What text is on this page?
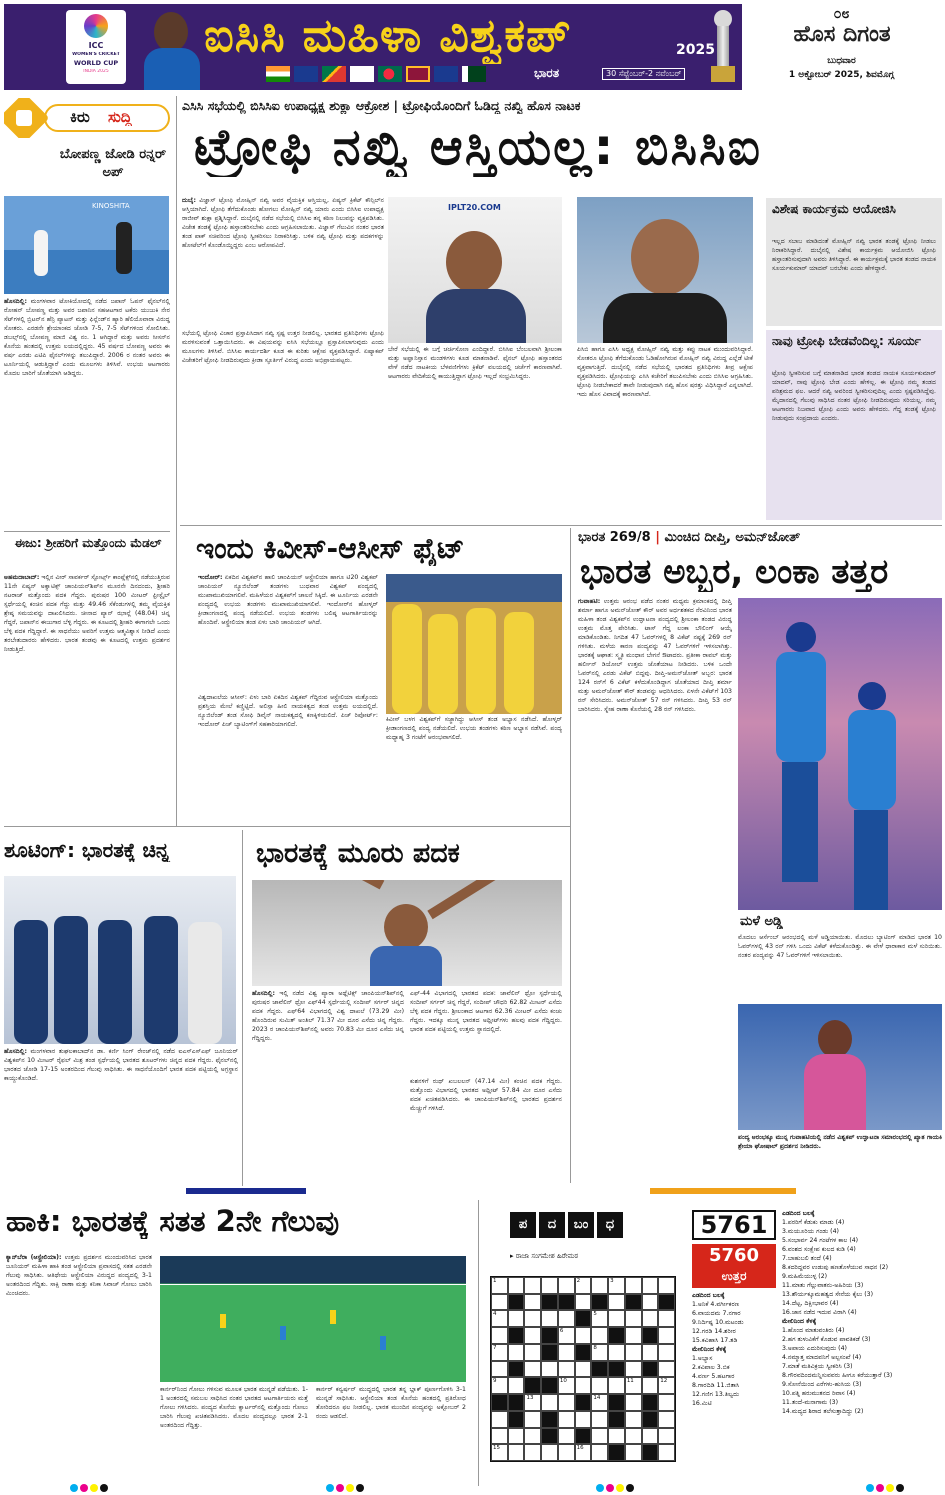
ICC
WOMEN'S CRICKET
WORLD CUP
INDIA 2025
ಐಸಿಸಿ ಮಹಿಳಾ ವಿಶ್ವಕಪ್	2025
ಭಾರತ	30 ಸೆಪ್ಟೆಂಬರ್-2 ನವೆಂಬರ್
೦೮
ಹೊಸ ದಿಗಂತ
ಬುಧವಾರ
1 ಅಕ್ಟೋಬರ್ 2025, ಶಿವಮೊಗ್ಗ
ಕಿರು ಸುದ್ದಿ
ಬೋಪಣ್ಣ ಜೋಡಿ ರನ್ನರ್ ಅಪ್
KINOSHITA
ಹೊಸದಿಲ್ಲಿ: ಮಂಗಳವಾರ ಟೋಕಿಯೋದಲ್ಲಿ ನಡೆದ ಜಪಾನ್ ಓಪನ್ ಫೈನಲ್‌ನಲ್ಲಿ ರೋಹನ್ ಬೋಪಣ್ಣ ಮತ್ತು ಅವರ ಜಪಾನಿನ ಸಹಆಟಗಾರ ಟಕೆರು ಯುಜುಕಿ ನೇರ ಸೆಟ್‌ಗಳಲ್ಲಿ ಬ್ರಿಟನ್‌ನ ಹೆನ್ರಿ ಪ್ಯಾಟನ್ ಮತ್ತು ಫಿನ್ಲೆಂಡ್‌ನ ಹ್ಯಾರಿ ಹೆಲಿಯೊವಾರಾ ವಿರುದ್ಧ ಸೋತರು. ಎರಡನೇ ಶ್ರೇಯಾಂಕದ ಜೋಡಿ 7-5, 7-5 ಸೆಟ್‌ಗಳಿಂದ ಸೋಲಿಸಿತು. ಡಬಲ್ಸ್‌ನಲ್ಲಿ ಬೋಪಣ್ಣ ಮಾಜಿ ವಿಶ್ವ ನಂ. 1 ಆಗಿದ್ದಾರೆ ಮತ್ತು ಅವರು ಸೀಸನ್‌ನ ಕೊನೆಯ ಹಂತದಲ್ಲಿ ಉತ್ತಮ ಲಯದಲ್ಲಿದ್ದರು. 45 ವರ್ಷದ ಬೋಪಣ್ಣ ಅವರು ಈ ವರ್ಷ ಎರಡು ಎಟಿಪಿ ಫೈನಲ್‌ಗಳನ್ನು ತಲುಪಿದ್ದಾರೆ. 2006 ರ ನಂತರ ಅವರು ಈ ಟೂರ್ನಿಯಲ್ಲಿ ಆಡುತ್ತಿದ್ದಾರೆ ಎಂದು ಮೂಲಗಳು ತಿಳಿಸಿವೆ. ಉಭಯ ಆಟಗಾರರು ಮೊದಲ ಬಾರಿಗೆ ಜೊತೆಯಾಗಿ ಆಡಿದ್ದರು.
ಈಜು: ಶ್ರೀಹರಿಗೆ ಮತ್ತೊಂದು ಮೆಡಲ್
ಅಹಮದಾಬಾದ್: ಇಲ್ಲಿನ ವೀರ್ ಸಾವರ್ಕರ್ ಸ್ಪೋರ್ಟ್ಸ್ ಕಾಂಪ್ಲೆಕ್ಸ್‌ನಲ್ಲಿ ನಡೆಯುತ್ತಿರುವ 11ನೇ ಏಷ್ಯನ್ ಅಕ್ವಾಟಿಕ್ಸ್ ಚಾಂಪಿಯನ್‌ಶಿಪ್‌ನ ಮೂರನೇ ದಿನದಂದು, ಶ್ರೀಹರಿ ನಟರಾಜ್ ಮತ್ತೊಂದು ಪದಕ ಗೆದ್ದರು. ಪುರುಷರ 100 ಮೀಟರ್ ಫ್ರೀಸ್ಟೈಲ್ ಸ್ಪರ್ಧೆಯಲ್ಲಿ ಕಂಚಿನ ಪದಕ ಗೆದ್ದು ಮತ್ತು 49.46 ಸೆಕೆಂಡುಗಳಲ್ಲಿ ತಮ್ಮ ವೈಯಕ್ತಿಕ ಶ್ರೇಷ್ಠ ಸಮಯವನ್ನು ದಾಖಲಿಸಿದರು. ಚೀನಾದ ಪ್ಯಾನ್ ಝಾನ್ಲೆ (48.04) ಚಿನ್ನ ಗೆದ್ದರೆ, ಜಪಾನ್‌ನ ಈಜುಗಾರ ಬೆಳ್ಳಿ ಗೆದ್ದರು. ಈ ಕೂಟದಲ್ಲಿ ಶ್ರೀಹರಿ ಈಗಾಗಲೇ ಒಂದು ಬೆಳ್ಳಿ ಪದಕ ಗೆದ್ದಿದ್ದಾರೆ. ಈ ಸಾಧನೆಯು ಅವರಿಗೆ ಉತ್ತಮ ಆತ್ಮವಿಶ್ವಾಸ ನೀಡಿದೆ ಎಂದು ತರಬೇತುದಾರರು ಹೇಳಿದರು. ಭಾರತ ತಂಡವು ಈ ಕೂಟದಲ್ಲಿ ಉತ್ತಮ ಪ್ರದರ್ಶನ ನೀಡುತ್ತಿದೆ.
ಎಸಿಸಿ ಸಭೆಯಲ್ಲಿ ಬಿಸಿಸಿಐ ಉಪಾಧ್ಯಕ್ಷ ಶುಕ್ಲಾ ಆಕ್ರೋಶ | ಟ್ರೋಫಿಯೊಂದಿಗೆ ಓಡಿದ್ದ ನಖ್ವಿ ಹೊಸ ನಾಟಕ
ಟ್ರೋಫಿ ನಖ್ವಿ ಆಸ್ತಿಯಲ್ಲ: ಬಿಸಿಸಿಐ
ದುಬೈ: ವಿಜ್ಞಾಸ್ ಟ್ರೋಫಿ ಮೋಹ್ಸಿನ್ ನಖ್ವಿ ಅವರ ವೈಯಕ್ತಿಕ ಆಸ್ತಿಯಲ್ಲ, ಏಷ್ಯನ್ ಕ್ರಿಕೆಟ್ ಕೌನ್ಸಿಲ್‌ನ ಆಸ್ತಿಯಾಗಿದೆ. ಟ್ರೋಫಿ ತೆಗೆದುಕೊಂಡು ಹೋಗಲು ಮೋಹ್ಸಿನ್ ನಖ್ವಿ ಯಾರು ಎಂದು ಬಿಸಿಸಿಐ ಉಪಾಧ್ಯಕ್ಷ ರಾಜೀವ್ ಶುಕ್ಲಾ ಪ್ರಶ್ನಿಸಿದ್ದಾರೆ. ದುಬೈನಲ್ಲಿ ನಡೆದ ಸಭೆಯಲ್ಲಿ ಬಿಸಿಸಿಐ ತನ್ನ ಕಠಿಣ ನಿಲುವನ್ನು ವ್ಯಕ್ತಪಡಿಸಿತು. ವಿಜೇತ ತಂಡಕ್ಕೆ ಟ್ರೋಫಿ ಹಸ್ತಾಂತರಿಸಬೇಕು ಎಂದು ಆಗ್ರಹಿಸಲಾಯಿತು. ವಿಜ್ಞಾಸ್ ಗೆಲುವಿನ ನಂತರ ಭಾರತ ತಂಡ ಪಾಕ್ ಸಚಿವರಿಂದ ಟ್ರೋಫಿ ಸ್ವೀಕರಿಸಲು ನಿರಾಕರಿಸಿತ್ತು. ಬಳಿಕ ನಖ್ವಿ ಟ್ರೋಫಿ ಮತ್ತು ಪದಕಗಳನ್ನು ಹೋಟೆಲ್‌ಗೆ ಕೊಂಡೊಯ್ದಿದ್ದರು ಎಂಬ ಆರೋಪವಿದೆ.
ಸಭೆಯಲ್ಲಿ ಟ್ರೋಫಿ ವಿಚಾರ ಪ್ರಸ್ತಾಪಿಸಿದಾಗ ನಖ್ವಿ ಸ್ಪಷ್ಟ ಉತ್ತರ ನೀಡಲಿಲ್ಲ. ಭಾರತದ ಪ್ರತಿನಿಧಿಗಳು ಟ್ರೋಫಿ ಮರಳಿಸುವಂತೆ ಒತ್ತಾಯಿಸಿದರು. ಈ ವಿಷಯವನ್ನು ಐಸಿಸಿ ಸಭೆಯಲ್ಲೂ ಪ್ರಸ್ತಾಪಿಸಲಾಗುವುದು ಎಂದು ಮೂಲಗಳು ತಿಳಿಸಿವೆ. ಬಿಸಿಸಿಐ ಕಾರ್ಯದರ್ಶಿ ಕೂಡ ಈ ಕುರಿತು ಆಕ್ಷೇಪ ವ್ಯಕ್ತಪಡಿಸಿದ್ದಾರೆ. ಏಷ್ಯಾಕಪ್ ವಿಜೇತರಿಗೆ ಟ್ರೋಫಿ ನೀಡದಿರುವುದು ಕ್ರೀಡಾ ಸ್ಫೂರ್ತಿಗೆ ವಿರುದ್ಧ ಎಂದು ಅಭಿಪ್ರಾಯಪಟ್ಟರು.
IPLT20.COM
ಬೇರೆ ಸಭೆಯಲ್ಲಿ ಈ ಬಗ್ಗೆ ಚರ್ಚಿಸೋಣ ಎಂದಿದ್ದಾರೆ. ಬಿಸಿಸಿಐ ಬೆಂಬಲವಾಗಿ ಶ್ರೀಲಂಕಾ ಮತ್ತು ಅಫ್ಘಾನಿಸ್ತಾನ ಮಂಡಳಿಗಳು ಕೂಡ ಮಾತನಾಡಿವೆ. ಫೈನಲ್ ಟ್ರೋಫಿ ಹಸ್ತಾಂತರದ ವೇಳೆ ನಡೆದ ನಾಟಕೀಯ ಬೆಳವಣಿಗೆಗಳು ಕ್ರಿಕೆಟ್ ವಲಯದಲ್ಲಿ ಚರ್ಚೆಗೆ ಕಾರಣವಾಗಿವೆ. ಆಟಗಾರರು ವೇದಿಕೆಯಲ್ಲಿ ಕಾಯುತ್ತಿದ್ದಾಗ ಟ್ರೋಫಿ ಇಲ್ಲದೆ ಸಂಭ್ರಮಿಸಿದ್ದರು.
ಪಿಸಿಬಿ ಹಾಗೂ ಎಸಿಸಿ ಅಧ್ಯಕ್ಷ ಮೋಹ್ಸಿನ್ ನಖ್ವಿ ಮತ್ತು ಕಪ್ಪು ನಾಟಕ ಮುಂದುವರಿಸಿದ್ದಾರೆ. ಸೋತರೂ ಟ್ರೋಫಿ ತೆಗೆದುಕೊಂಡು ಓಡಿಹೋಗಿರುವ ಮೋಹ್ಸಿನ್ ನಖ್ವಿ ವಿರುದ್ಧ ಎಲ್ಲೆಡೆ ಟೀಕೆ ವ್ಯಕ್ತವಾಗುತ್ತಿದೆ. ದುಬೈನಲ್ಲಿ ನಡೆದ ಸಭೆಯಲ್ಲಿ ಭಾರತದ ಪ್ರತಿನಿಧಿಗಳು ತೀವ್ರ ಆಕ್ಷೇಪ ವ್ಯಕ್ತಪಡಿಸಿದರು. ಟ್ರೋಫಿಯನ್ನು ಎಸಿಸಿ ಕಚೇರಿಗೆ ತಲುಪಿಸಬೇಕು ಎಂದು ಬಿಸಿಸಿಐ ಆಗ್ರಹಿಸಿತು. ಟ್ರೋಫಿ ನೀಡಬೇಕಾದರೆ ತಾವೇ ನೀಡುವುದಾಗಿ ನಖ್ವಿ ಹೊಸ ಷರತ್ತು ವಿಧಿಸಿದ್ದಾರೆ ಎನ್ನಲಾಗಿದೆ. ಇದು ಹೊಸ ವಿವಾದಕ್ಕೆ ಕಾರಣವಾಗಿದೆ.
ವಿಶೇಷ ಕಾರ್ಯಕ್ರಮ ಆಯೋಜಿಸಿ
ಇಲ್ಲದ ಸಬಾಬ ಮಾಡಿದಂತೆ ಮೋಹ್ಸಿನ್ ನಖ್ವಿ ಭಾರತ ತಂಡಕ್ಕೆ ಟ್ರೋಫಿ ನೀಡಲು ನಿರಾಕರಿಸಿದ್ದಾರೆ. ದುಬೈನಲ್ಲಿ ವಿಶೇಷ ಕಾರ್ಯಕ್ರಮ ಆಯೋಜಿಸಿ ಟ್ರೋಫಿ ಹಸ್ತಾಂತರಿಸುವುದಾಗಿ ಅವರು ತಿಳಿಸಿದ್ದಾರೆ. ಈ ಕಾರ್ಯಕ್ರಮಕ್ಕೆ ಭಾರತ ತಂಡದ ನಾಯಕ ಸೂರ್ಯಕುಮಾರ್ ಯಾದವ್ ಬರಬೇಕು ಎಂದು ಹೇಳಿದ್ದಾರೆ.
ನಾವು ಟ್ರೋಫಿ ಬೇಡವೆಂದಿಲ್ಲ: ಸೂರ್ಯ
ಟ್ರೋಫಿ ಸ್ವೀಕರಿಸುವ ಬಗ್ಗೆ ಮಾತನಾಡಿದ ಭಾರತ ತಂಡದ ನಾಯಕ ಸೂರ್ಯಕುಮಾರ್ ಯಾದವ್, ನಾವು ಟ್ರೋಫಿ ಬೇಡ ಎಂದು ಹೇಳಿಲ್ಲ. ಈ ಟ್ರೋಫಿ ನಮ್ಮ ತಂಡದ ಪರಿಶ್ರಮದ ಫಲ. ಆದರೆ ನಖ್ವಿ ಅವರಿಂದ ಸ್ವೀಕರಿಸುವುದಿಲ್ಲ ಎಂದು ಸ್ಪಷ್ಟಪಡಿಸಿದ್ದೆವು. ಮೈದಾನದಲ್ಲಿ ಗೆಲುವು ಸಾಧಿಸಿದ ನಂತರ ಟ್ರೋಫಿ ನೀಡದಿರುವುದು ಸರಿಯಲ್ಲ. ನಮ್ಮ ಆಟಗಾರರು ನಿಜವಾದ ಟ್ರೋಫಿ ಎಂದು ಅವರು ಹೇಳಿದರು. ಗೆದ್ದ ತಂಡಕ್ಕೆ ಟ್ರೋಫಿ ನೀಡುವುದು ಸಂಪ್ರದಾಯ ಎಂದರು.
ಇಂದು ಕಿವೀಸ್-ಆಸೀಸ್ ಫೈಟ್
ಇಂದೋರ್: ಏಕದಿನ ವಿಶ್ವಕಪ್‌ನ ಹಾಲಿ ಚಾಂಪಿಯನ್ ಆಸ್ಟ್ರೇಲಿಯಾ ಹಾಗೂ ಟಿ20 ವಿಶ್ವಕಪ್ ಚಾಂಪಿಯನ್ ನ್ಯೂಜಿಲೆಂಡ್ ತಂಡಗಳು ಬುಧವಾರ ವಿಶ್ವಕಪ್ ಪಂದ್ಯದಲ್ಲಿ ಮುಖಾಮುಖಿಯಾಗಲಿವೆ. ಮಹಿಳೆಯರ ವಿಶ್ವಕಪ್‌ಗೆ ಚಾಲನೆ ಸಿಕ್ಕಿದೆ. ಈ ಟೂರ್ನಿಯ ಎರಡನೇ ಪಂದ್ಯದಲ್ಲಿ ಉಭಯ ತಂಡಗಳು ಮುಖಾಮುಖಿಯಾಗಲಿವೆ. ಇಂದೋರ್‌ನ ಹೋಳ್ಕರ್ ಕ್ರೀಡಾಂಗಣದಲ್ಲಿ ಪಂದ್ಯ ನಡೆಯಲಿದೆ. ಉಭಯ ತಂಡಗಳು ಬಲಿಷ್ಠ ಆಟಗಾರ್ತಿಯರನ್ನು ಹೊಂದಿವೆ. ಆಸ್ಟ್ರೇಲಿಯಾ ತಂಡ ಏಳು ಬಾರಿ ಚಾಂಪಿಯನ್ ಆಗಿದೆ.
ವಿಶ್ವದಾಖಲೆಯ ಆಸೀಸ್: ಏಳು ಬಾರಿ ಏಕದಿನ ವಿಶ್ವಕಪ್ ಗೆದ್ದಿರುವ ಆಸ್ಟ್ರೇಲಿಯಾ ಮತ್ತೊಂದು ಪ್ರಶಸ್ತಿಯ ಮೇಲೆ ಕಣ್ಣಿಟ್ಟಿದೆ. ಅಲಿಸ್ಸಾ ಹೀಲಿ ನಾಯಕತ್ವದ ತಂಡ ಉತ್ತಮ ಲಯದಲ್ಲಿದೆ. ನ್ಯೂಜಿಲೆಂಡ್ ತಂಡ ಸೋಫಿ ಡಿವೈನ್ ನಾಯಕತ್ವದಲ್ಲಿ ಕಣಕ್ಕಿಳಿಯಲಿದೆ. ಪಿಚ್ ರಿಪೋರ್ಟ್: ಇಂದೋರ್ ಪಿಚ್ ಬ್ಯಾಟಿಂಗ್‌ಗೆ ಸಹಕಾರಿಯಾಗಲಿದೆ.
ಕಿವೀಸ್ ಬಳಗ ವಿಶ್ವಕಪ್‌ಗೆ ಸಜ್ಜಾಗಿದ್ದು ಆಸೀಸ್ ತಂಡ ಅಭ್ಯಾಸ ನಡೆಸಿದೆ. ಹೋಳ್ಕರ್ ಕ್ರೀಡಾಂಗಣದಲ್ಲಿ ಪಂದ್ಯ ನಡೆಯಲಿದೆ. ಉಭಯ ತಂಡಗಳು ಕಠಿಣ ಅಭ್ಯಾಸ ನಡೆಸಿವೆ. ಪಂದ್ಯ ಮಧ್ಯಾಹ್ನ 3 ಗಂಟೆಗೆ ಆರಂಭವಾಗಲಿದೆ.
ಭಾರತ 269/8 | ಮಿಂಚಿದ ದೀಪ್ತಿ, ಅಮನ್‌ಜೋತ್
ಭಾರತ ಅಬ್ಬರ, ಲಂಕಾ ತತ್ತರ
ಗುವಾಹಟಿ: ಉತ್ತಮ ಆರಂಭ ಪಡೆದ ನಂತರ ಮಧ್ಯಮ ಕ್ರಮಾಂಕದಲ್ಲಿ ದೀಪ್ತಿ ಶರ್ಮಾ ಹಾಗೂ ಅಮನ್‌ಜೋತ್ ಕೌರ್ ಅವರ ಅರ್ಧಶತಕದ ನೆರವಿನಿಂದ ಭಾರತ ಮಹಿಳಾ ತಂಡ ವಿಶ್ವಕಪ್‌ನ ಉದ್ಘಾಟನಾ ಪಂದ್ಯದಲ್ಲಿ ಶ್ರೀಲಂಕಾ ತಂಡದ ವಿರುದ್ಧ ಉತ್ತಮ ಮೊತ್ತ ಪೇರಿಸಿತು. ಟಾಸ್ ಗೆದ್ದ ಲಂಕಾ ಬೌಲಿಂಗ್ ಆಯ್ಕೆ ಮಾಡಿಕೊಂಡಿತು. ನಿಗದಿತ 47 ಓವರ್‌ಗಳಲ್ಲಿ 8 ವಿಕೆಟ್ ನಷ್ಟಕ್ಕೆ 269 ರನ್ ಗಳಿಸಿತು. ಮಳೆಯ ಕಾರಣ ಪಂದ್ಯವನ್ನು 47 ಓವರ್‌ಗಳಿಗೆ ಇಳಿಸಲಾಗಿತ್ತು. ಭಾರತಕ್ಕೆ ಆಘಾತ: ಸ್ಮೃತಿ ಮಂಧಾನ ಬೇಗನೆ ಔಟಾದರು. ಪ್ರತೀಕಾ ರಾವಲ್ ಮತ್ತು ಹರ್ಲೀನ್ ಡಿಯೋಲ್ ಉತ್ತಮ ಜೊತೆಯಾಟ ನೀಡಿದರು. ಬಳಿಕ ಒಂದೇ ಓವರ್‌ನಲ್ಲಿ ಎರಡು ವಿಕೆಟ್ ಬಿದ್ದವು. ದೀಪ್ತಿ-ಅಮನ್‌ಜೋತ್ ಅಬ್ಬರ: ಭಾರತ 124 ರನ್‌ಗೆ 6 ವಿಕೆಟ್ ಕಳೆದುಕೊಂಡಿದ್ದಾಗ ಜೊತೆಯಾದ ದೀಪ್ತಿ ಶರ್ಮಾ ಮತ್ತು ಅಮನ್‌ಜೋತ್ ಕೌರ್ ತಂಡವನ್ನು ಆಧರಿಸಿದರು. ಏಳನೇ ವಿಕೆಟ್‌ಗೆ 103 ರನ್ ಸೇರಿಸಿದರು. ಅಮನ್‌ಜೋತ್ 57 ರನ್ ಗಳಿಸಿದರು. ದೀಪ್ತಿ 53 ರನ್ ಬಾರಿಸಿದರು. ಸ್ನೇಹ ರಾಣಾ ಕೊನೆಯಲ್ಲಿ 28 ರನ್ ಗಳಿಸಿದರು.
ಮಳೆ ಅಡ್ಡಿ
ಮೊದಲು ಆರ್ಸೆಂಬ್ ಆರಂಭದಲ್ಲಿ ಮಳೆ ಅಡ್ಡಿಯಾಯಿತು. ಮೊದಲು ಬ್ಯಾಟಿಂಗ್ ಮಾಡಿದ ಭಾರತ 10 ಓವರ್‌ಗಳಲ್ಲಿ 43 ರನ್ ಗಳಿಸಿ ಒಂದು ವಿಕೆಟ್ ಕಳೆದುಕೊಂಡಿತ್ತು. ಈ ವೇಳೆ ಧಾರಾಕಾರ ಮಳೆ ಸುರಿಯಿತು. ನಂತರ ಪಂದ್ಯವನ್ನು 47 ಓವರ್‌ಗಳಿಗೆ ಇಳಿಸಲಾಯಿತು.
ಪಂದ್ಯ ಆರಂಭಕ್ಕೂ ಮುನ್ನ ಗುವಾಹಟಿಯಲ್ಲಿ ನಡೆದ ವಿಶ್ವಕಪ್ ಉದ್ಘಾಟನಾ ಸಮಾರಂಭದಲ್ಲಿ ಖ್ಯಾತ ಗಾಯಕಿ ಶ್ರೇಯಾ ಘೋಷಾಲ್ ಪ್ರದರ್ಶನ ನೀಡಿದರು.
ಶೂಟಿಂಗ್: ಭಾರತಕ್ಕೆ ಚಿನ್ನ
ಹೊಸದಿಲ್ಲಿ: ಮಂಗಳವಾರ ತುಘಲಕಾಬಾದ್‌ನ ಡಾ. ಕರ್ಣಿ ಸಿಂಗ್ ರೇಂಜ್‌ನಲ್ಲಿ ನಡೆದ ಐಎಸ್‌ಎಸ್‌ಎಫ್ ಜೂನಿಯರ್ ವಿಶ್ವಕಪ್‌ನ 10 ಮೀಟರ್ ರೈಫಲ್ ಮಿಶ್ರ ತಂಡ ಸ್ಪರ್ಧೆಯಲ್ಲಿ ಭಾರತದ ಶೂಟರ್‌ಗಳು ಚಿನ್ನದ ಪದಕ ಗೆದ್ದರು. ಫೈನಲ್‌ನಲ್ಲಿ ಭಾರತದ ಜೋಡಿ 17-15 ಅಂತರದಿಂದ ಗೆಲುವು ಸಾಧಿಸಿತು. ಈ ಸಾಧನೆಯೊಂದಿಗೆ ಭಾರತ ಪದಕ ಪಟ್ಟಿಯಲ್ಲಿ ಅಗ್ರಸ್ಥಾನ ಕಾಯ್ದುಕೊಂಡಿದೆ.
ಭಾರತಕ್ಕೆ ಮೂರು ಪದಕ
ಹೊಸದಿಲ್ಲಿ: ಇಲ್ಲಿ ನಡೆದ ವಿಶ್ವ ಪ್ಯಾರಾ ಅಥ್ಲೆಟಿಕ್ಸ್ ಚಾಂಪಿಯನ್‌ಶಿಪ್‌ನಲ್ಲಿ ಪುರುಷರ ಜಾವೆಲಿನ್ ಥ್ರೋ ಎಫ್44 ಸ್ಪರ್ಧೆಯಲ್ಲಿ ಸಂದೀಪ್ ಸರ್ಗರ್ ಚಿನ್ನದ ಪದಕ ಗೆದ್ದರು. ಎಫ್64 ವಿಭಾಗದಲ್ಲಿ ವಿಶ್ವ ದಾಖಲೆ (73.29 ಮೀ) ಹೊಂದಿರುವ ಸುಮಿತ್ ಅಂತಿಲ್ 71.37 ಮೀ ದೂರ ಎಸೆದು ಚಿನ್ನ ಗೆದ್ದರು. 2023 ರ ಚಾಂಪಿಯನ್‌ಶಿಪ್‌ನಲ್ಲಿ ಅವರು 70.83 ಮೀ ದೂರ ಎಸೆದು ಚಿನ್ನ ಗೆದ್ದಿದ್ದರು.
ಎಫ್-44 ವಿಭಾಗದಲ್ಲಿ ಭಾರತದ ಪದಕ: ಜಾವೆಲಿನ್ ಥ್ರೋ ಸ್ಪರ್ಧೆಯಲ್ಲಿ ಸಂದೀಪ್ ಸರ್ಗರ್ ಚಿನ್ನ ಗೆದ್ದರೆ, ಸಂದೀಪ್ ಚೌಧರಿ 62.82 ಮೀಟರ್ ಎಸೆದು ಬೆಳ್ಳಿ ಪದಕ ಗೆದ್ದರು. ಶ್ರೀಲಂಕಾದ ಆಟಗಾರ 62.36 ಮೀಟರ್ ಎಸೆದು ಕಂಚು ಗೆದ್ದರು. ಇದಕ್ಕೂ ಮುನ್ನ ಭಾರತದ ಅಥ್ಲೀಟ್‌ಗಳು ಹಲವು ಪದಕ ಗೆದ್ದಿದ್ದರು. ಭಾರತ ಪದಕ ಪಟ್ಟಿಯಲ್ಲಿ ಉತ್ತಮ ಸ್ಥಾನದಲ್ಲಿದೆ.
ಕುಶನಳಿಗೆ ರುಥ್ ಖಬಲಲನ್ (47.14 ಮೀ) ಕಂಚಿನ ಪದಕ ಗೆದ್ದರು. ಮತ್ತೊಂದು ವಿಭಾಗದಲ್ಲಿ ಭಾರತದ ಅಥ್ಲೀಟ್ 57.84 ಮೀ ದೂರ ಎಸೆದು ಪದಕ ಖಚಿತಪಡಿಸಿದರು. ಈ ಚಾಂಪಿಯನ್‌ಶಿಪ್‌ನಲ್ಲಿ ಭಾರತದ ಪ್ರದರ್ಶನ ಮೆಚ್ಚುಗೆ ಗಳಿಸಿದೆ.
ಹಾಕಿ: ಭಾರತಕ್ಕೆ ಸತತ 2ನೇ ಗೆಲುವು
ಕ್ಯಾನ್‌ಬೆರಾ (ಆಸ್ಟ್ರೇಲಿಯಾ): ಉತ್ತಮ ಪ್ರದರ್ಶನ ಮುಂದುವರಿಸಿದ ಭಾರತ ಜೂನಿಯರ್ ಮಹಿಳಾ ಹಾಕಿ ತಂಡ ಆಸ್ಟ್ರೇಲಿಯಾ ಪ್ರವಾಸದಲ್ಲಿ ಸತತ ಎರಡನೇ ಗೆಲುವು ಸಾಧಿಸಿತು. ಆತಿಥೇಯ ಆಸ್ಟ್ರೇಲಿಯಾ ವಿರುದ್ಧದ ಪಂದ್ಯದಲ್ಲಿ 3-1 ಅಂತರದಿಂದ ಗೆದ್ದಿತು. ಸಾಕ್ಷಿ ರಾಣಾ ಮತ್ತು ಕನಿಕಾ ಸಿವಾಚ್ ಗೋಲು ಬಾರಿಸಿ ಮಿಂಚಿದರು.
ಕಾರ್ನರ್‌ನಿಂದ ಗೋಲು ಗಳಿಸುವ ಮೂಲಕ ಭಾರತ ಮುನ್ನಡೆ ಪಡೆಯಿತು. 1-1 ಅಂತರದಲ್ಲಿ ಸಮಬಲ ಸಾಧಿಸಿದ ನಂತರ ಭಾರತದ ಆಟಗಾರ್ತಿಯರು ಮತ್ತೆ ಗೋಲು ಗಳಿಸಿದರು. ಪಂದ್ಯದ ಕೊನೆಯ ಕ್ವಾರ್ಟರ್‌ನಲ್ಲಿ ಮತ್ತೊಂದು ಗೋಲು ಬಾರಿಸಿ ಗೆಲುವು ಖಚಿತಪಡಿಸಿದರು. ಮೊದಲ ಪಂದ್ಯದಲ್ಲೂ ಭಾರತ 2-1 ಅಂತರದಿಂದ ಗೆದ್ದಿತ್ತು.
ಕಾರ್ನರ್ ಕನ್ವರ್ಷನ್ ಮುದ್ದದಲ್ಲಿ ಭಾರತ ತನ್ನ ಬ್ಲಾಕ್ ಪೂರ್ಣಗೊಳಿಸಿ 3-1 ಮುನ್ನಡೆ ಸಾಧಿಸಿತು. ಆಸ್ಟ್ರೇಲಿಯಾ ತಂಡ ಕೊನೆಯ ಹಂತದಲ್ಲಿ ಪ್ರತಿರೋಧ ತೋರಿದರೂ ಫಲ ನೀಡಲಿಲ್ಲ. ಭಾರತ ಮುಂದಿನ ಪಂದ್ಯವನ್ನು ಅಕ್ಟೋಬರ್ 2 ರಂದು ಆಡಲಿದೆ.
ಪ	ದ	ಬಂ	ಧ
▸ ರಾಜಾ ಸಂಗಮೇಶ ಹಿರೇಮಠ
1	2	3
4	5
6
7	8
9	10	11	12
13	14
15	16
5761
5760
ಉತ್ತರ
ಎಡದಿಂದ ಬಲಕ್ಕೆ
1.ಅನಿಕೆ 4.ವರ್ಗೀಕರಣ
6.ವಾಯದಮ 7.ನಗಾರ
9.ನಿರ್ದಿಷ್ಟ 10.ಮಟಂಡು
12.ಗರಡಿ 14.ಶರೀರ
15.ಕವಿಹಾಸಿ 17.ತಡಿ
ಮೇಲಿನಿಂದ ಕೆಳಕ್ಕೆ
1.ಅಭ್ಯಾಸ
2.ಕವಿಪಾಲ 3.ಬಿಕ
4.ವರ್ಣ 5.ಹಟಗಾರ
8.ಗಾರದಿಡಿ 11.ಜಿತಾಸಿ
12.ಗಣಿಗ 13.ತಿಲ್ವದು
16.ಮಿಟಿ
ಎಡದಿಂದ ಬಲಕ್ಕೆ
1.ಪರರಿಗೆ ಕೆಡುಕು ಮಾಡು (4)
3.ಮಯೂರಿಯ ಗಂಡು (4)
5.ಸಂಭಾರ್ವ 24 ಗಂಟೆಗಳ ಕಾಲ (4)
6.ವಂಶದ ಸಂಕ್ಷೇಪ ಕುಲದ ಕುಡಿ (4)
7.ಬಾಹುಬಲಿ ತಂದೆ (4)
8.ಕದರಿದ್ದವರ ಉಡುಪು ಹಣತೊಳೆಯುವ ಸಾಧನ (2)
9.ಮಹಿಮೆಯುಳ್ಳ (2)
11.ಮಾತು ಗೆಲ್ಲುವಾತನು-ಅಹಿರಿಯ (3)
13.ಶೌರ್ಯಕ್ಕೂಮಹತ್ವದ ಸೇನೆಯ ಕೈಲು (3)
14.ದೆಟ್ಟ, ದಿಕ್ಷೀಭಾವರ (4)
16.ಜಾನ ನಡೆದ ಇದುವ ವಿರಾಗಿ (4)
ಮೇಲಿನಿಂದ ಕೆಳಕ್ಕೆ
1.ಹೊಂದ ಮಾತುವಂತಿರು (4)
2.ಹಗ ತುಳುವಿಕೆಗೆ ಕೊಡುವ ಪಾವತಿಕಡೆ (3)
3.ಅಪಾಯ ಎದುರಿಸುವುದು (4)
4.ನಮ್ಮಾತ್ತ ಮಾದವನಿಗೆ ಅಲ್ಪಸಂಖೆ (4)
7.ಮಾತೆ ಮತಿವಿಕ್ರಯ ಸ್ವೀಕರಿಸಿ (3)
8.ಗೌರವದಿಂದಮನ್ನಿಸುವವರು ಹೀಗೂ ಕರೆಯುತ್ತಾರೆ (3)
9.ಸೋನೆಯಿಂದ ಎರೆಗಳು-ಹುಸಿಯ (3)
10.ಪತ್ನಿ ಹರುಮುತನದ ರಿವಾಸ (4)
11.ತಂದೆ-ಮನಾಗಾಮ (3)
14.ಮದ್ಯದ ಶಿರಾದ ತಲೆಸುತ್ತಾದಿದ್ದು (2)
